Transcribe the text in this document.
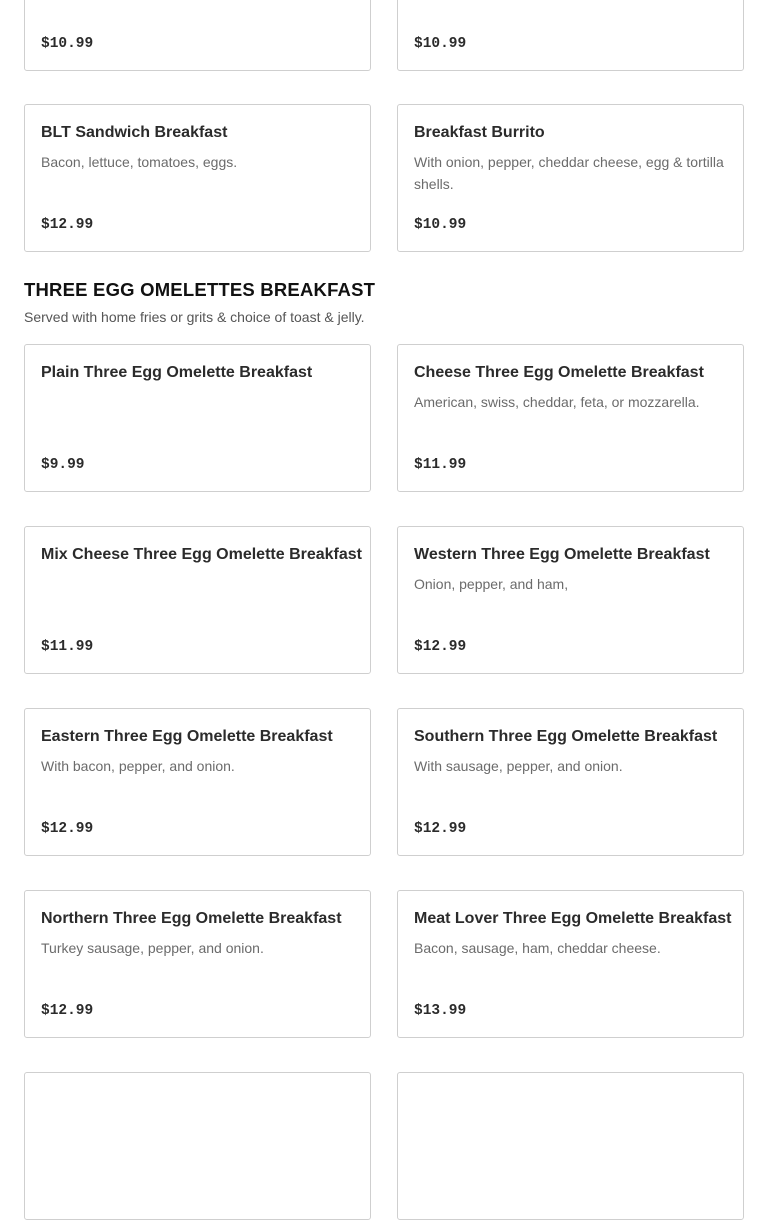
$10.99	$10.99
BLT Sandwich Breakfast
Bacon, lettuce, tomatoes, eggs.
$12.99
Breakfast Burrito
With onion, pepper, cheddar cheese, egg & tortilla shells.
$10.99
THREE EGG OMELETTES BREAKFAST
Served with home fries or grits & choice of toast & jelly.
Plain Three Egg Omelette Breakfast
$9.99
Cheese Three Egg Omelette Breakfast
American, swiss, cheddar, feta, or mozzarella.
$11.99
Mix Cheese Three Egg Omelette Breakfast
$11.99
Western Three Egg Omelette Breakfast
Onion, pepper, and ham,
$12.99
Eastern Three Egg Omelette Breakfast
With bacon, pepper, and onion.
$12.99
Southern Three Egg Omelette Breakfast
With sausage, pepper, and onion.
$12.99
Northern Three Egg Omelette Breakfast
Turkey sausage, pepper, and onion.
$12.99
Meat Lover Three Egg Omelette Breakfast
Bacon, sausage, ham, cheddar cheese.
$13.99
